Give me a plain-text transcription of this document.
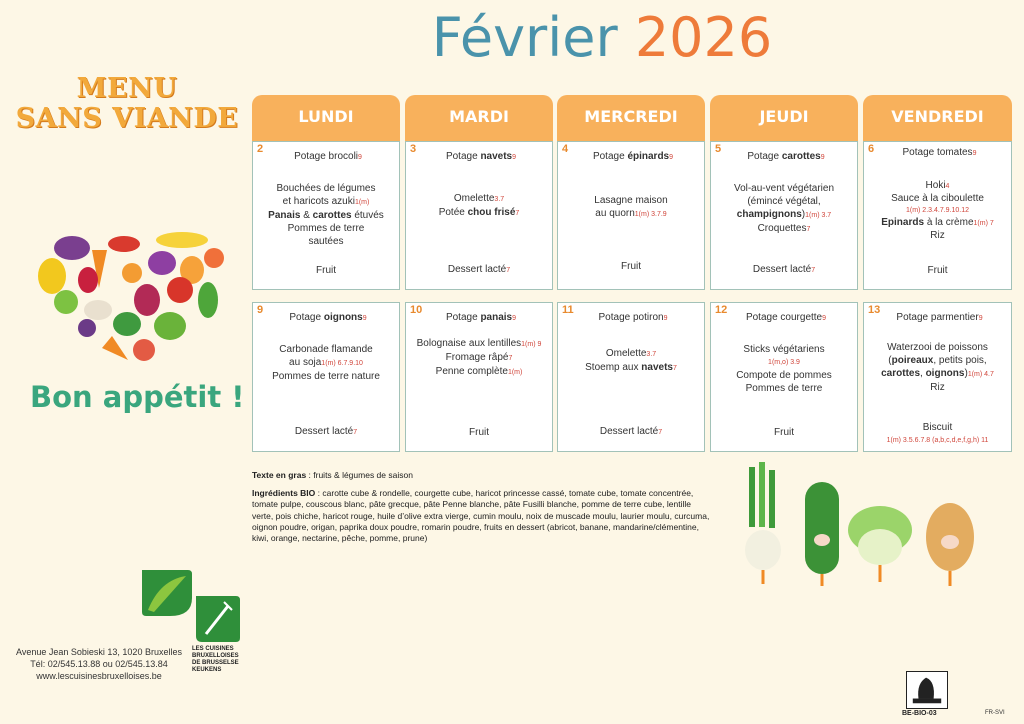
Février 2026
MENU
SANS VIANDE
Bon appétit !
LUNDI	MARDI	MERCREDI	JEUDI	VENDREDI
2
Potage brocoli9

Bouchées de légumes

et haricots azuki1(m)

Panais & carottes étuvés

Pommes de terre

sautées

Fruit
3
Potage navets9

Omelette3.7

Potée chou frisé7

Dessert lacté7
4
Potage épinards9

Lasagne maison

au quorn1(m) 3.7.9

Fruit
5
Potage carottes9

Vol-au-vent végétarien

(émincé végétal,

champignons)1(m) 3.7

Croquettes7

Dessert lacté7
6	Potage tomates9

Hoki4

Sauce à la ciboulette

1(m) 2.3.4.7.9.10.12

Epinards à la crème1(m) 7

Riz

Fruit
9
Potage oignons9

Carbonade flamande

au soja1(m) 6.7.9.10

Pommes de terre nature

Dessert lacté7
10
Potage panais9

Bolognaise aux lentilles1(m) 9

Fromage râpé7

Penne complète1(m)

Fruit
11
Potage potiron9

Omelette3.7

Stoemp aux navets7

Dessert lacté7
12
Potage courgette9

Sticks végétariens

1(m,o) 3.9

Compote de pommes

Pommes de terre

Fruit
13
Potage parmentier9

Waterzooi de poissons

(poireaux, petits pois,

carottes, oignons)1(m) 4.7

Riz

Biscuit

1(m) 3.5.6.7.8 (a,b,c,d,e,f,g,h) 11

Texte en gras : fruits & légumes de saison

Ingrédients BIO : carotte cube & rondelle, courgette cube, haricot princesse cassé, tomate cube, tomate concentrée, tomate pulpe, couscous blanc, pâte grecque, pâte Penne blanche, pâte Fusilli blanche, pomme de terre cube, lentille verte, pois chiche, haricot rouge, huile d’olive extra vierge, cumin moulu, noix de muscade moulu, laurier moulu, curcuma, oignon poudre, origan, paprika doux poudre, romarin poudre, fruits en dessert (abricot, banane, mandarine/clémentine, kiwi, orange, nectarine, pêche, pomme, prune)

LES CUISINES
BRUXELLOISES
DE BRUSSELSE
KEUKENS
Avenue Jean Sobieski 13, 1020 Bruxelles
Tél: 02/545.13.88 ou 02/545.13.84
www.lescuisinesbruxelloises.be
BE-BIO-03	FR-SVI
